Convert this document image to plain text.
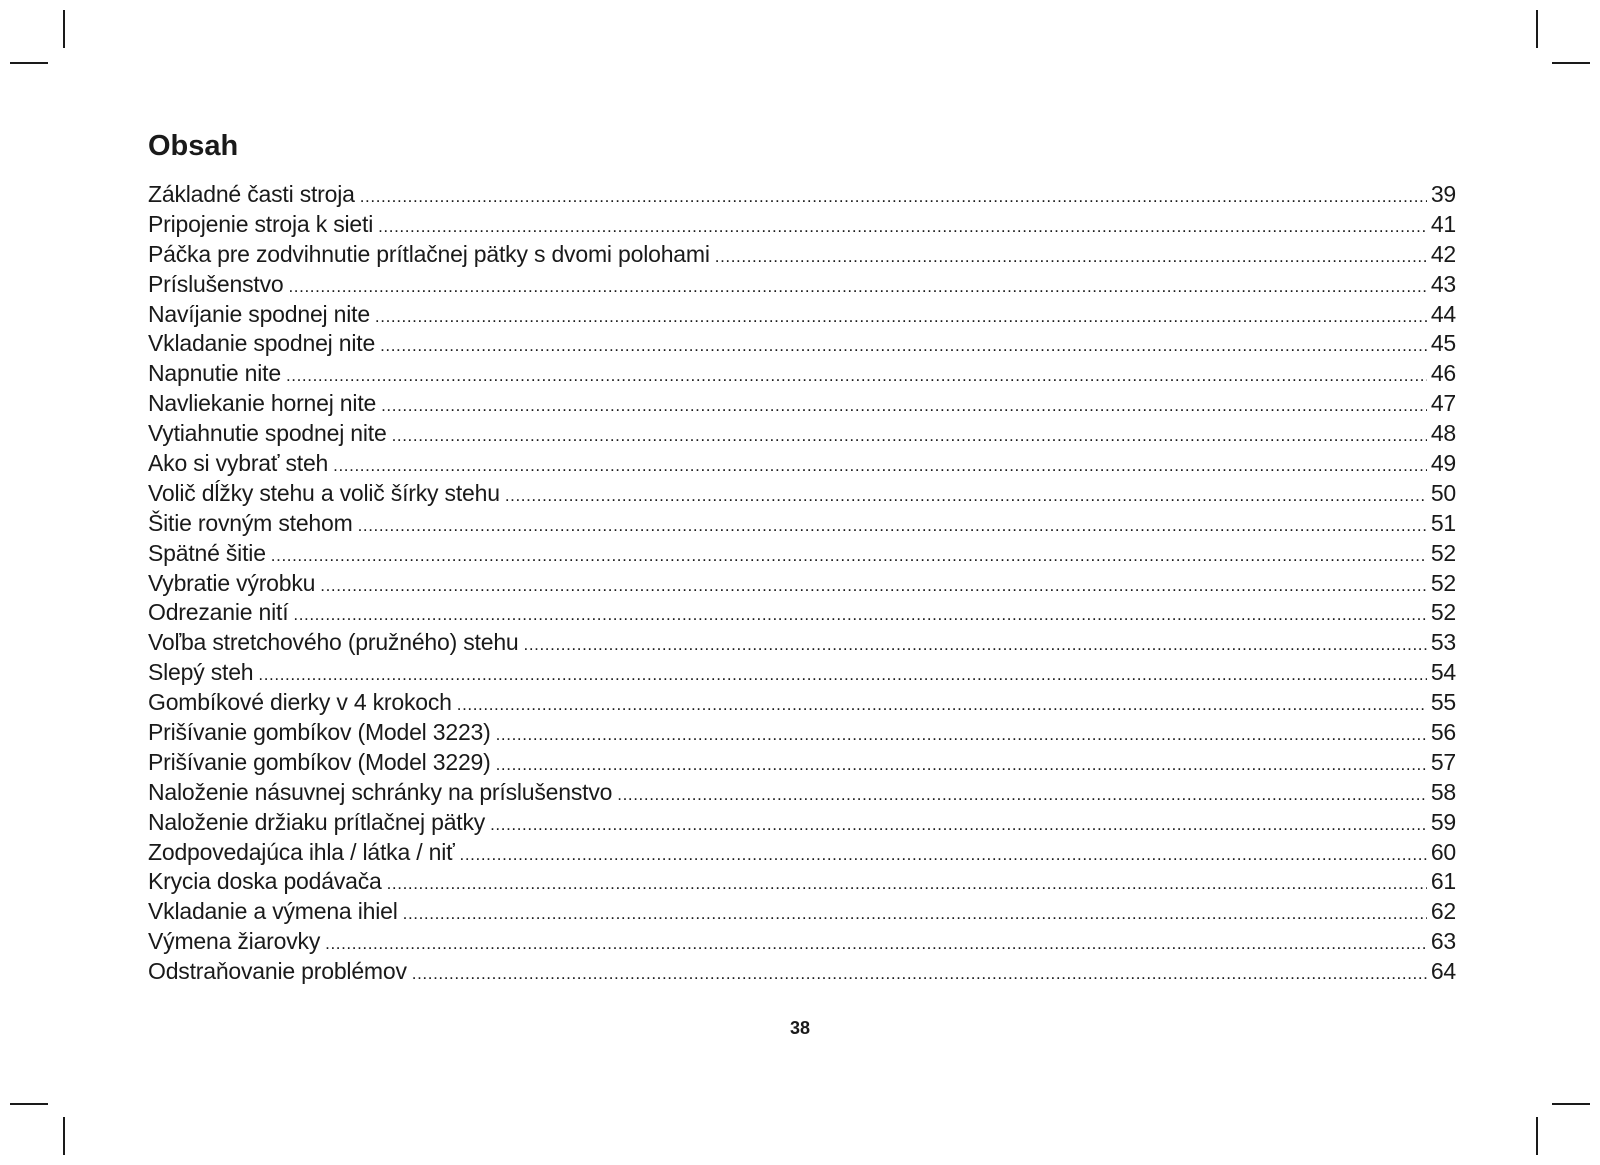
Obsah
Základné časti stroja .....	39
Pripojenie stroja k sieti .....	41
Páčka pre zodvihnutie prítlačnej pätky s dvomi polohami .....	42
Príslušenstvo .....	43
Navíjanie spodnej nite .....	44
Vkladanie spodnej nite .....	45
Napnutie nite .....	46
Navliekanie hornej nite .....	47
Vytiahnutie spodnej nite .....	48
Ako si vybrať steh .....	49
Volič dĺžky stehu a volič šírky stehu .....	50
Šitie rovným stehom .....	51
Spätné šitie .....	52
Vybratie výrobku .....	52
Odrezanie nití .....	52
Voľba stretchového (pružného) stehu .....	53
Slepý steh .....	54
Gombíkové dierky v 4 krokoch .....	55
Prišívanie gombíkov (Model 3223) .....	56
Prišívanie gombíkov (Model 3229) .....	57
Naloženie násuvnej schránky na príslušenstvo .....	58
Naloženie držiaku prítlačnej pätky .....	59
Zodpovedajúca ihla / látka / niť .....	60
Krycia doska podávača .....	61
Vkladanie a výmena ihiel .....	62
Výmena žiarovky .....	63
Odstraňovanie problémov .....	64
38
